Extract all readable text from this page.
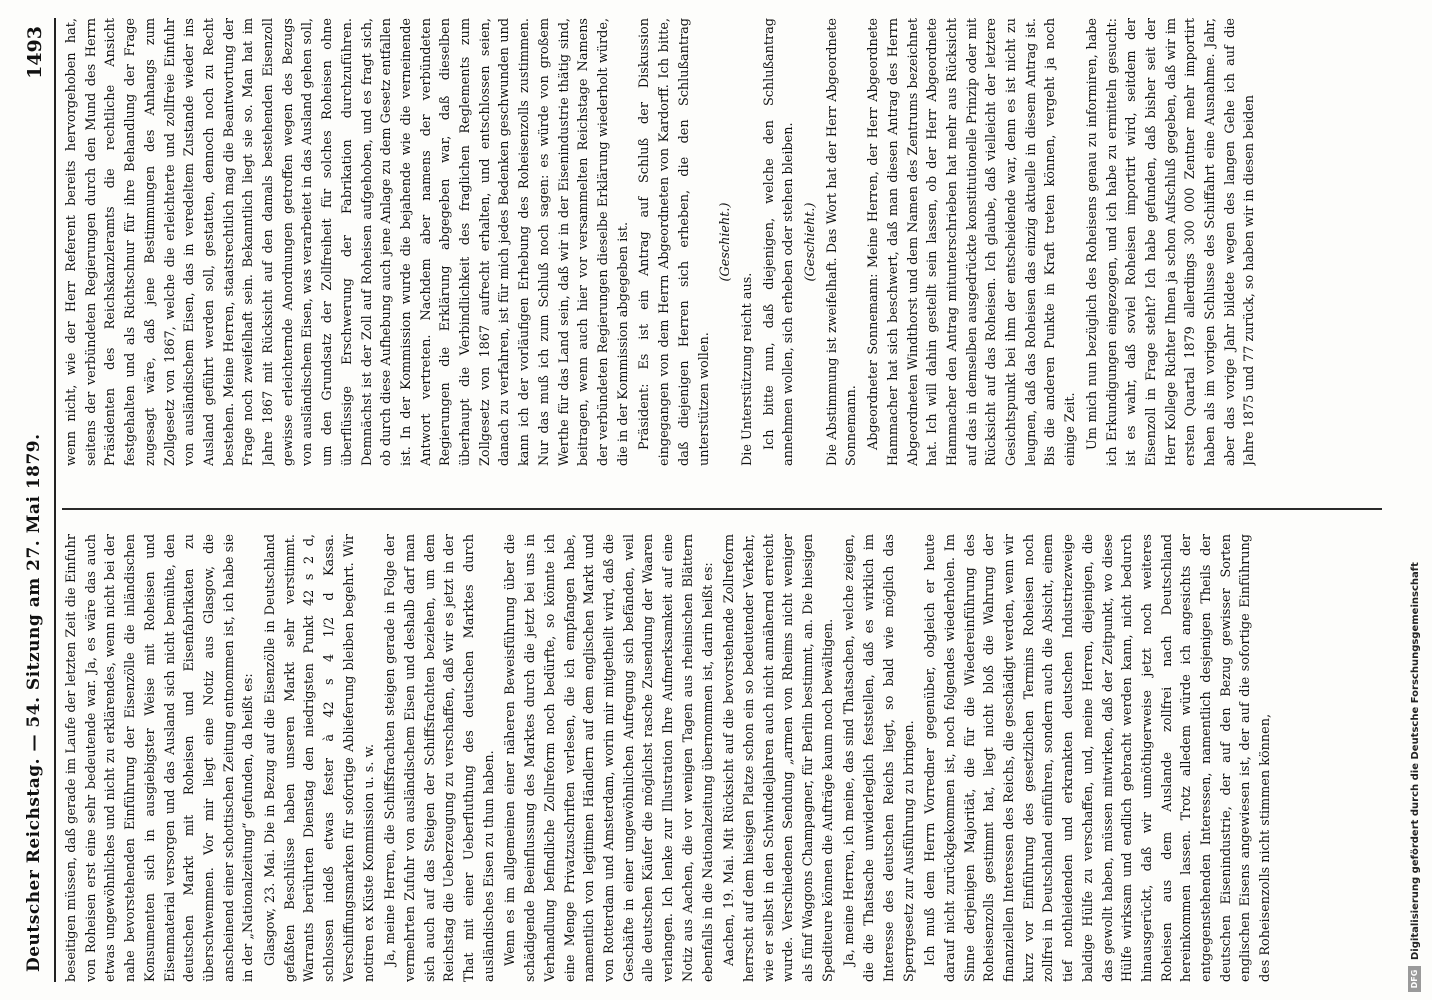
Deutscher Reichstag. — 54. Sitzung am 27. Mai 1879.
1493

beseitigen müssen, daß gerade im Laufe der letzten Zeit die Einfuhr von Roheisen erst eine sehr bedeutende war. Ja, es wäre das auch etwas ungewöhnliches und nicht zu erklärendes, wenn nicht bei der nahe bevorstehenden Einführung der Eisenzölle die inländischen Konsumenten sich in ausgiebigster Weise mit Roheisen und Eisenmaterial versorgen und das Ausland sich nicht bemühte, den deutschen Markt mit Roheisen und Eisenfabrikaten zu überschwemmen. Vor mir liegt eine Notiz aus Glasgow, die anscheinend einer schottischen Zeitung entnommen ist, ich habe sie in der „Nationalzeitung“ gefunden, da heißt es: Glasgow, 23. Mai. Die in Bezug auf die Eisenzölle in Deutschland gefaßten Beschlüsse haben unseren Markt sehr verstimmt. Warrants berührten Dienstag den niedrigsten Punkt 42 s 2 d, schlossen indeß etwas fester à 42 s 4 1/2 d Kassa. Verschiffungsmarken für sofortige Ablieferung bleiben begehrt. Wir notiren ex Küste Kommission u. s. w. Ja, meine Herren, die Schiffsfrachten steigen gerade in Folge der vermehrten Zufuhr von ausländischem Eisen und deshalb darf man sich auch auf das Steigen der Schiffsfrachten beziehen, um dem Reichstag die Ueberzeugung zu verschaffen, daß wir es jetzt in der That mit einer Ueberfluthung des deutschen Marktes durch ausländisches Eisen zu thun haben. Wenn es im allgemeinen einer näheren Beweisführung über die schädigende Beeinflussung des Marktes durch die jetzt bei uns in Verhandlung befindliche Zollreform noch bedürfte, so könnte ich eine Menge Privatzuschriften verlesen, die ich empfangen habe, namentlich von legitimen Händlern auf dem englischen Markt und von Rotterdam und Amsterdam, worin mir mitgetheilt wird, daß die Geschäfte in einer ungewöhnlichen Aufregung sich befänden, weil alle deutschen Käufer die möglichst rasche Zusendung der Waaren verlangen. Ich lenke zur Illustration Ihre Aufmerksamkeit auf eine Notiz aus Aachen, die vor wenigen Tagen aus rheinischen Blättern ebenfalls in die Nationalzeitung übernommen ist, darin heißt es: Aachen, 19. Mai. Mit Rücksicht auf die bevorstehende Zollreform herrscht auf dem hiesigen Platze schon ein so bedeutender Verkehr, wie er selbst in den Schwindeljahren auch nicht annähernd erreicht wurde. Verschiedenen Sendung „armen von Rheims nicht weniger als fünf Waggons Champagner, für Berlin bestimmt, an. Die hiesigen Spediteure können die Aufträge kaum noch bewältigen. Ja, meine Herren, ich meine, das sind Thatsachen, welche zeigen, die die Thatsache unwiderleglich feststellen, daß es wirklich im Interesse des deutschen Reichs liegt, so bald wie möglich das Sperrgesetz zur Ausführung zu bringen. Ich muß dem Herrn Vorredner gegenüber, obgleich er heute darauf nicht zurückgekommen ist, noch folgendes wiederholen. Im Sinne derjenigen Majorität, die für die Wiedereinführung des Roheisenzolls gestimmt hat, liegt nicht bloß die Wahrung der finanziellen Interessen des Reichs, die geschädigt werden, wenn wir kurz vor Einführung des gesetzlichen Termins Roheisen noch zollfrei in Deutschland einführen, sondern auch die Absicht, einem tief nothleidenden und erkrankten deutschen Industriezweige baldige Hülfe zu verschaffen, und, meine Herren, diejenigen, die das gewollt haben, müssen mitwirken, daß der Zeitpunkt, wo diese Hülfe wirksam und endlich gebracht werden kann, nicht bedurch hinausgerückt, daß wir unnöthigerweise jetzt noch weiteres Roheisen aus dem Auslande zollfrei nach Deutschland hereinkommen lassen. Trotz alledem würde ich angesichts der entgegenstehenden Interessen, namentlich desjenigen Theils der deutschen Eisenindustrie, der auf den Bezug gewisser Sorten englischen Eisens angewiesen ist, der auf die sofortige Einführung des Roheisenzolls nicht stimmen können,

wenn nicht, wie der Herr Referent bereits hervorgehoben hat, seitens der verbündeten Regierungen durch den Mund des Herrn Präsidenten des Reichskanzleramts die rechtliche Ansicht festgehalten und als Richtschnur für ihre Behandlung der Frage zugesagt wäre, daß jene Bestimmungen des Anhangs zum Zollgesetz von 1867, welche die erleichterte und zollfreie Einfuhr von ausländischem Eisen, das in veredeltem Zustande wieder ins Ausland geführt werden soll, gestatten, dennoch noch zu Recht bestehen. Meine Herren, staatsrechtlich mag die Beantwortung der Frage noch zweifelhaft sein. Bekanntlich liegt sie so. Man hat im Jahre 1867 mit Rücksicht auf den damals bestehenden Eisenzoll gewisse erleichternde Anordnungen getroffen wegen des Bezugs von ausländischem Eisen, was verarbeitet in das Ausland gehen soll, um den Grundsatz der Zollfreiheit für solches Roheisen ohne überflüssige Erschwerung der Fabrikation durchzuführen. Demnächst ist der Zoll auf Roheisen aufgehoben, und es fragt sich, ob durch diese Aufhebung auch jene Anlage zu dem Gesetz entfallen ist. In der Kommission wurde die bejahende wie die verneinende Antwort vertreten. Nachdem aber namens der verbündeten Regierungen die Erklärung abgegeben war, daß dieselben überhaupt die Verbindlichkeit des fraglichen Reglements zum Zollgesetz von 1867 aufrecht erhalten, und entschlossen seien, danach zu verfahren, ist für mich jedes Bedenken geschwunden und kann ich der vorläufigen Erhebung des Roheisenzolls zustimmen. Nur das muß ich zum Schluß noch sagen: es würde von großem Werthe für das Land sein, daß wir in der Eisenindustrie thätig sind, beitragen, wenn auch hier vor versammelten Reichstage Namens der verbündeten Regierungen dieselbe Erklärung wiederholt würde, die in der Kommission abgegeben ist. Präsident: Es ist ein Antrag auf Schluß der Diskussion eingegangen von dem Herrn Abgeordneten von Kardorff. Ich bitte, daß diejenigen Herren sich erheben, die den Schlußantrag unterstützen wollen.

(Geschieht.)

Die Unterstützung reicht aus. Ich bitte nun, daß diejenigen, welche den Schlußantrag annehmen wollen, sich erheben oder stehen bleiben. (Geschieht.) Die Abstimmung ist zweifelhaft. Das Wort hat der Herr Abgeordnete Sonnemann. Abgeordneter Sonnemann: Meine Herren, der Herr Abgeordnete Hammacher hat sich beschwert, daß man diesen Antrag des Herrn Abgeordneten Windthorst und dem Namen des Zentrums bezeichnet hat. Ich will dahin gestellt sein lassen, ob der Herr Abgeordnete Hammacher den Antrag mitunterschrieben hat mehr aus Rücksicht auf das in demselben ausgedrückte konstitutionelle Prinzip oder mit Rücksicht auf das Roheisen. Ich glaube, daß vielleicht der letztere Gesichtspunkt bei ihm der entscheidende war, denn es ist nicht zu leugnen, daß das Roheisen das einzig aktuelle in diesem Antrag ist. Bis die anderen Punkte in Kraft treten können, vergeht ja noch einige Zeit. Um mich nun bezüglich des Roheisens genau zu informiren, habe ich Erkundigungen eingezogen, und ich habe zu ermitteln gesucht: ist es wahr, daß soviel Roheisen importirt wird, seitdem der Eisenzoll in Frage steht? Ich habe gefunden, daß bisher seit der Herr Kollege Richter Ihnen ja schon Aufschluß gegeben, daß wir im ersten Quartal 1879 allerdings 300 000 Zentner mehr importirt haben als im vorigen Schlusse des Schiffahrt eine Ausnahme. Jahr, aber das vorige Jahr bildete wegen des langen Gehe ich auf die Jahre 1875 und 77 zurück, so haben wir in diesen beiden

DFG
Digitalisierung gefördert durch die Deutsche Forschungsgemeinschaft
